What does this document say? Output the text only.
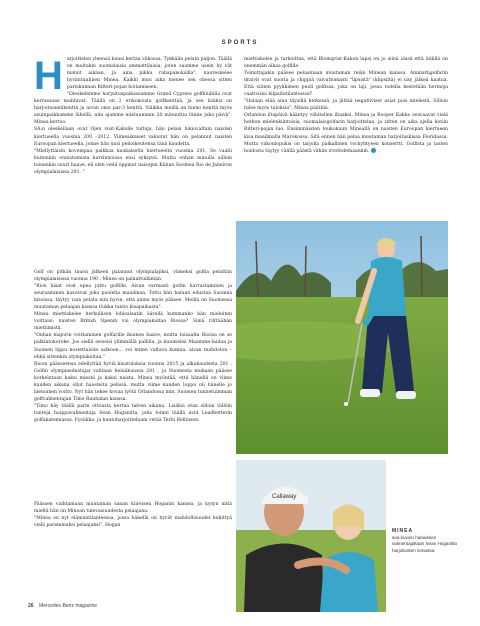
SPORTS

Harjoittelen yleensä kuusi kertaa viikossa. Tykkään pelata paljon. Täällä on muitakin suomalaisia ammattilaisia, joten saamme usein by vät matsit aikaan, ja aina pikku rahapanoksilla", naureskelee hyväntuulinen Minea. Kaikki muu aika menee sen ohessa sitten pariskunnan Ritteri-pojan hoitamiseen.

"Oleskelemme harjoituspaikassamme Grand Cypress golfklubilla ovat kerrassaan mahtavat. Täällä on 2 erikokoista golfkenttää, ja sen lisäksi on harjoitusnelikenttä ja aivan oma par-3 kenttä. Valikka meillä on hieno kenttä myös asuinpaikkamme lähellä, niin ajamme mieluummin 20 minuuttia tänne joka päivä", Minea kertoo.

SA:n oleskellaan ovat Ojen visit-Kakolle tultuja, hän pelasi lukiovaltain naisten kiertueella vuosina 200 –2012. Viimeaikaiset vakiotut hän on pelannut naisten Euroopan kiertueella, jonne hän uusi pelioikeutensa tänä kaudelta.

"Miellyttäisin kovempaa palkkaa kaukaiselta kiertueelta vuosina 201. Se vaatii kuitenkin onnistumista karsinnoissa ensi syksynä. Mutta onhan minulla silloin toinenkin suuri haave, eli olen vielä oppinut naisopin Kiinan Suomea Rio de Janeiron olympialaisissa 201. "

miettiskelee ja tarkoittaa, että Blomqvist-Kakon lapsi on jo siinä iässä että äidillä on enemmän aikaa golfille.

Toimittajakin pääsee pelaamaan muutaman reiän Minean kanssa. Ammattigolfarin draivit ovat suoria ja chippiä vaivattomasti "lipsistä" (klipsiltä) ei näy jälkeä kaatua. Että siitien pyykkimen puoli golfissa, joka on laji, jossa todella kestetään hermoja vaativissa kilpailutilanteissa?

"Haluan elää aina täysillä hetkessä, ja jättää negatiiviset asiat pois mielestä. Silloin tulee myös tuloksia", Minea päättää.

Orlandon iltapäivä kääntyy vähitellen iltaaksi. Minea ja Rooper Kakko seuraavat vielä herkon mielenkiintoisia, suomalaisgolfarin harjoittelua, ja sitten on aika ajella kotiin Ritteri-pojan luo. Ensimmäisten toukokuun Mineallä on naisten Euroopan kiertueen kisa maailmalla Marokossa. Sitä ennen hän pelaa muutaman harjoituskisaa Floridassa. Mutta viikonlopuksi on tarjolla paikallinen rockyhtyeen konsertti. Golfista ja lasten hoidosta täytyy välillä päästä vähän irrottelemaankin.

Golf on pitkän tauon jälkeen palannut olympialajiksi, viimeksi golfia pelattiin olympialaisissa vuonna 190 . Minea on palauttuilämän.

"Rion kisat ovat upea juttu golfille. Aivan varmasti golfin harrastaminen ja seuraaminen kasvavat joka puolella maailmaa. Tottu hän haluan edustaa Suomea kisoissa, täytyy vain pelata niin hyvin, että ainne myös pääsee. Meillä on Suomessa muutaman pelaajan kanssa tiukka taisto kisapaikasta".

Minea miettiskelee herkullisen lohisalaatin äärellä kummanko hän mieluiten voittaisi: naisten British Openin vai olympiakultaa Riossa? Siinä riittäähän miettimistä.

"Onhan majorin voittaminen golfarille ikuinen haave, mutta toisaalta Riossa on se palkintokoroke. Jos siellä seisoisi ylimmällä pallilla, ja kuuntelisi Maamme-laulua ja Suomen lippu nostettaisiin salkoon... voi miten valtava kunnia, aivan mahdoton – ehkä sittenkin olympiakultaa."

Rioon päässeensa edellyttää hyviä kisatuloksia vuonna 2015 ja alkukaudesta 201 . Golfin olympiaedustajat valitaan heinäkuussa 201 , ja Suomesta mukaan pääsee korkeintaan kaksi miestä ja kaksi naista. Minea myöntää, että hänellä on viime kauden aikana ollut haasteita pelissä, mutta viime kauden loppu oli hänelle jo hienoinen voitto. Nyt hän tekee kovaa työtä Orlandossa mm. Suomen tunnetuimman golfvalmentajan Timo Rauhalan kanssa.

"Timo käy täällä parin ottoasta kertaa talven aikana. Lisäksi otan silloin tällöin tunteja huippuvalmentaja Sean Hoganilta, joka toimii täällä avid Leadbetterin golfakatemiassa. Fysiikka- ja kuntoharjoitteluani vetää Terhi Bellinsen.

Callaway
MINEA
saa kuvion halauksen valmentajaltaan Sean Hoganilta harjoitusten lomassa.

Päässen vaihtamaan muutaman sanan kiireisen Hoganin kanssa, ja kysyn mitä mieltä hän on Minean tulevaisuudesta pelaajana.

"Minea on nyt elämäntilanteessa, jossa hänellä on hyvät mahdollisuudet kehittyä vielä paremmaksi pelaajaksi", Hogan

26 Mercedes-Benz magazine
